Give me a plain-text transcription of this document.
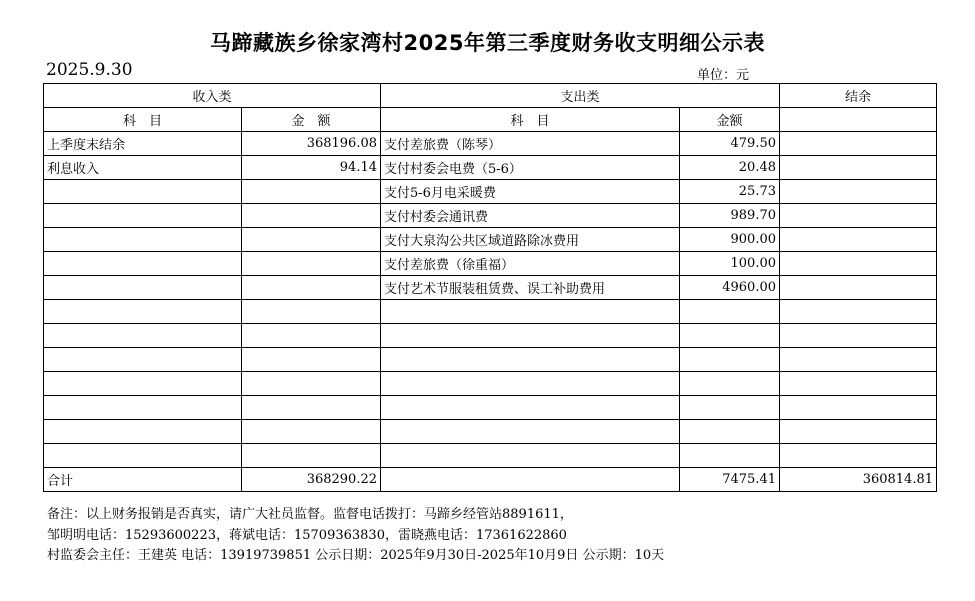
马蹄藏族乡徐家湾村2025年第三季度财务收支明细公示表
2025.9.30	单位：元
收入类		支出类		结余
科　目	金　额	科　目	金额	
上季度末结余	368196.08	支付差旅费（陈琴）	479.50	
利息收入	94.14	支付村委会电费（5-6）	20.48	
		支付5-6月电采暖费	25.73	
		支付村委会通讯费	989.70	
		支付大泉沟公共区域道路除冰费用	900.00	
		支付差旅费（徐重福）	100.00	
		支付艺术节服装租赁费、误工补助费用	4960.00	

合计	368290.22		7475.41	360814.81
备注：以上财务报销是否真实，请广大社员监督。监督电话拨打：马蹄乡经管站8891611，
邹明明电话：15293600223，蒋斌电话：15709363830，雷晓燕电话：17361622860
村监委会主任：王建英 电话：13919739851 公示日期：2025年9月30日-2025年10月9日 公示期：10天
